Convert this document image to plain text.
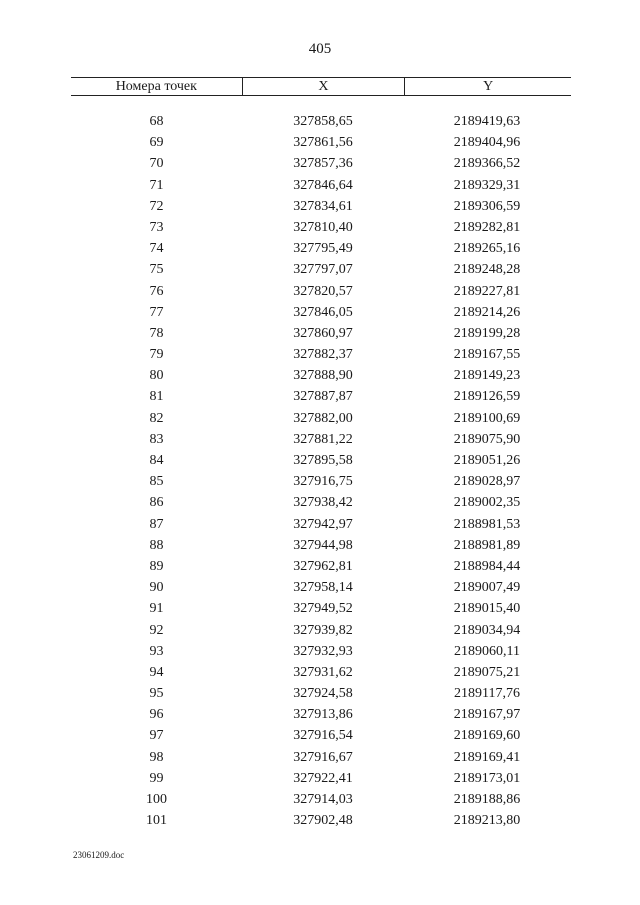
405
Номера точек	X	Y
68	327858,65	2189419,63
69	327861,56	2189404,96
70	327857,36	2189366,52
71	327846,64	2189329,31
72	327834,61	2189306,59
73	327810,40	2189282,81
74	327795,49	2189265,16
75	327797,07	2189248,28
76	327820,57	2189227,81
77	327846,05	2189214,26
78	327860,97	2189199,28
79	327882,37	2189167,55
80	327888,90	2189149,23
81	327887,87	2189126,59
82	327882,00	2189100,69
83	327881,22	2189075,90
84	327895,58	2189051,26
85	327916,75	2189028,97
86	327938,42	2189002,35
87	327942,97	2188981,53
88	327944,98	2188981,89
89	327962,81	2188984,44
90	327958,14	2189007,49
91	327949,52	2189015,40
92	327939,82	2189034,94
93	327932,93	2189060,11
94	327931,62	2189075,21
95	327924,58	2189117,76
96	327913,86	2189167,97
97	327916,54	2189169,60
98	327916,67	2189169,41
99	327922,41	2189173,01
100	327914,03	2189188,86
101	327902,48	2189213,80
23061209.doc
